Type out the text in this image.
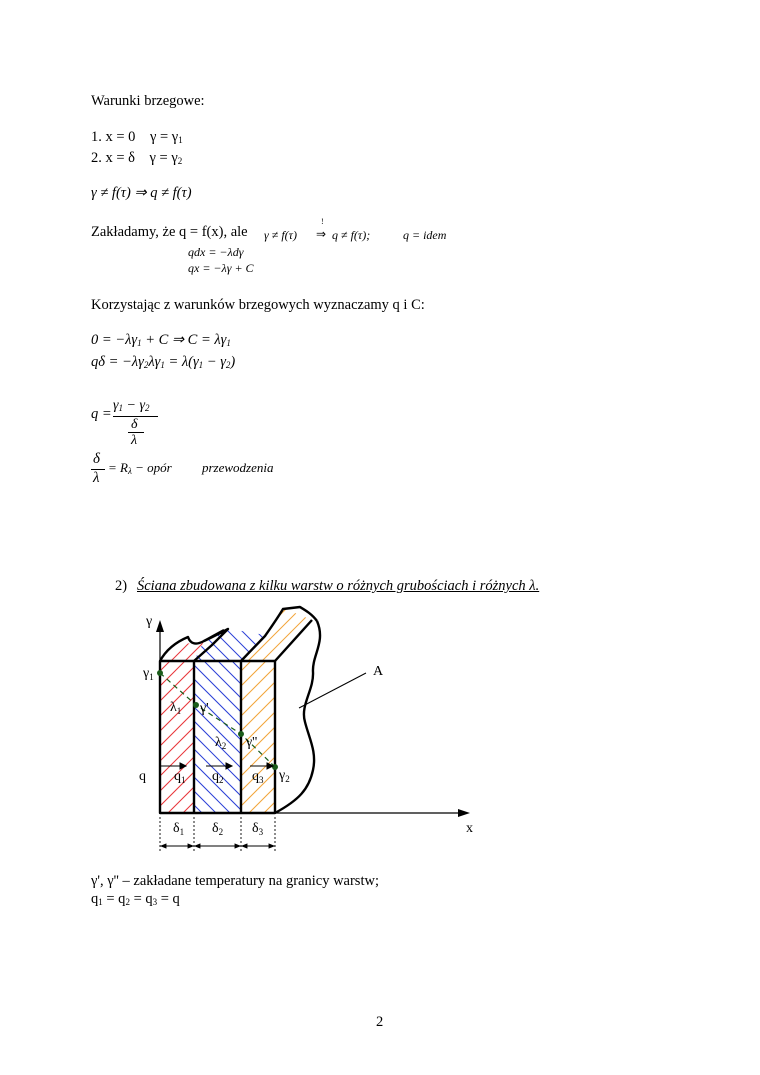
Warunki brzegowe:
1. x = 0 $\gamma = \gamma_1$
2. x = δ $\gamma = \gamma_2$
γ ≠ f(τ) ⇒ q ≠ f(τ)
Zakładamy, że q = f(x), ale γ ≠ f(τ)
!
⇒ q ≠ f(τ);	q = idem
qdx = −λdγ
qx = −λγ + C
Korzystając z warunków brzegowych wyznaczamy q i C:
$0 = -\lambda\gamma_1 + C$ ⇒ $C = \lambda\gamma_1$
$q\delta = -\lambda\gamma_2\lambda\gamma_1 = \lambda(\gamma_1 - \gamma_2)$
q =
$\gamma_1 - \gamma_2$
δ
λ
δ
λ
= $R_\lambda$ − opór przewodzenia
2) Ściana zbudowana z kilku warstw o różnych grubościach i różnych λ.
γ
x
A
$\gamma_1$
$\lambda_1$ γ'
$\lambda_2$ γ''
$\gamma_2$
q $q_1$ $q_2$ $q_3$
$\delta_1$ $\delta_2$ $\delta_3$
γ', γ'' – zakładane temperatury na granicy warstw;
$q_1 = q_2 = q_3 = q$
2
